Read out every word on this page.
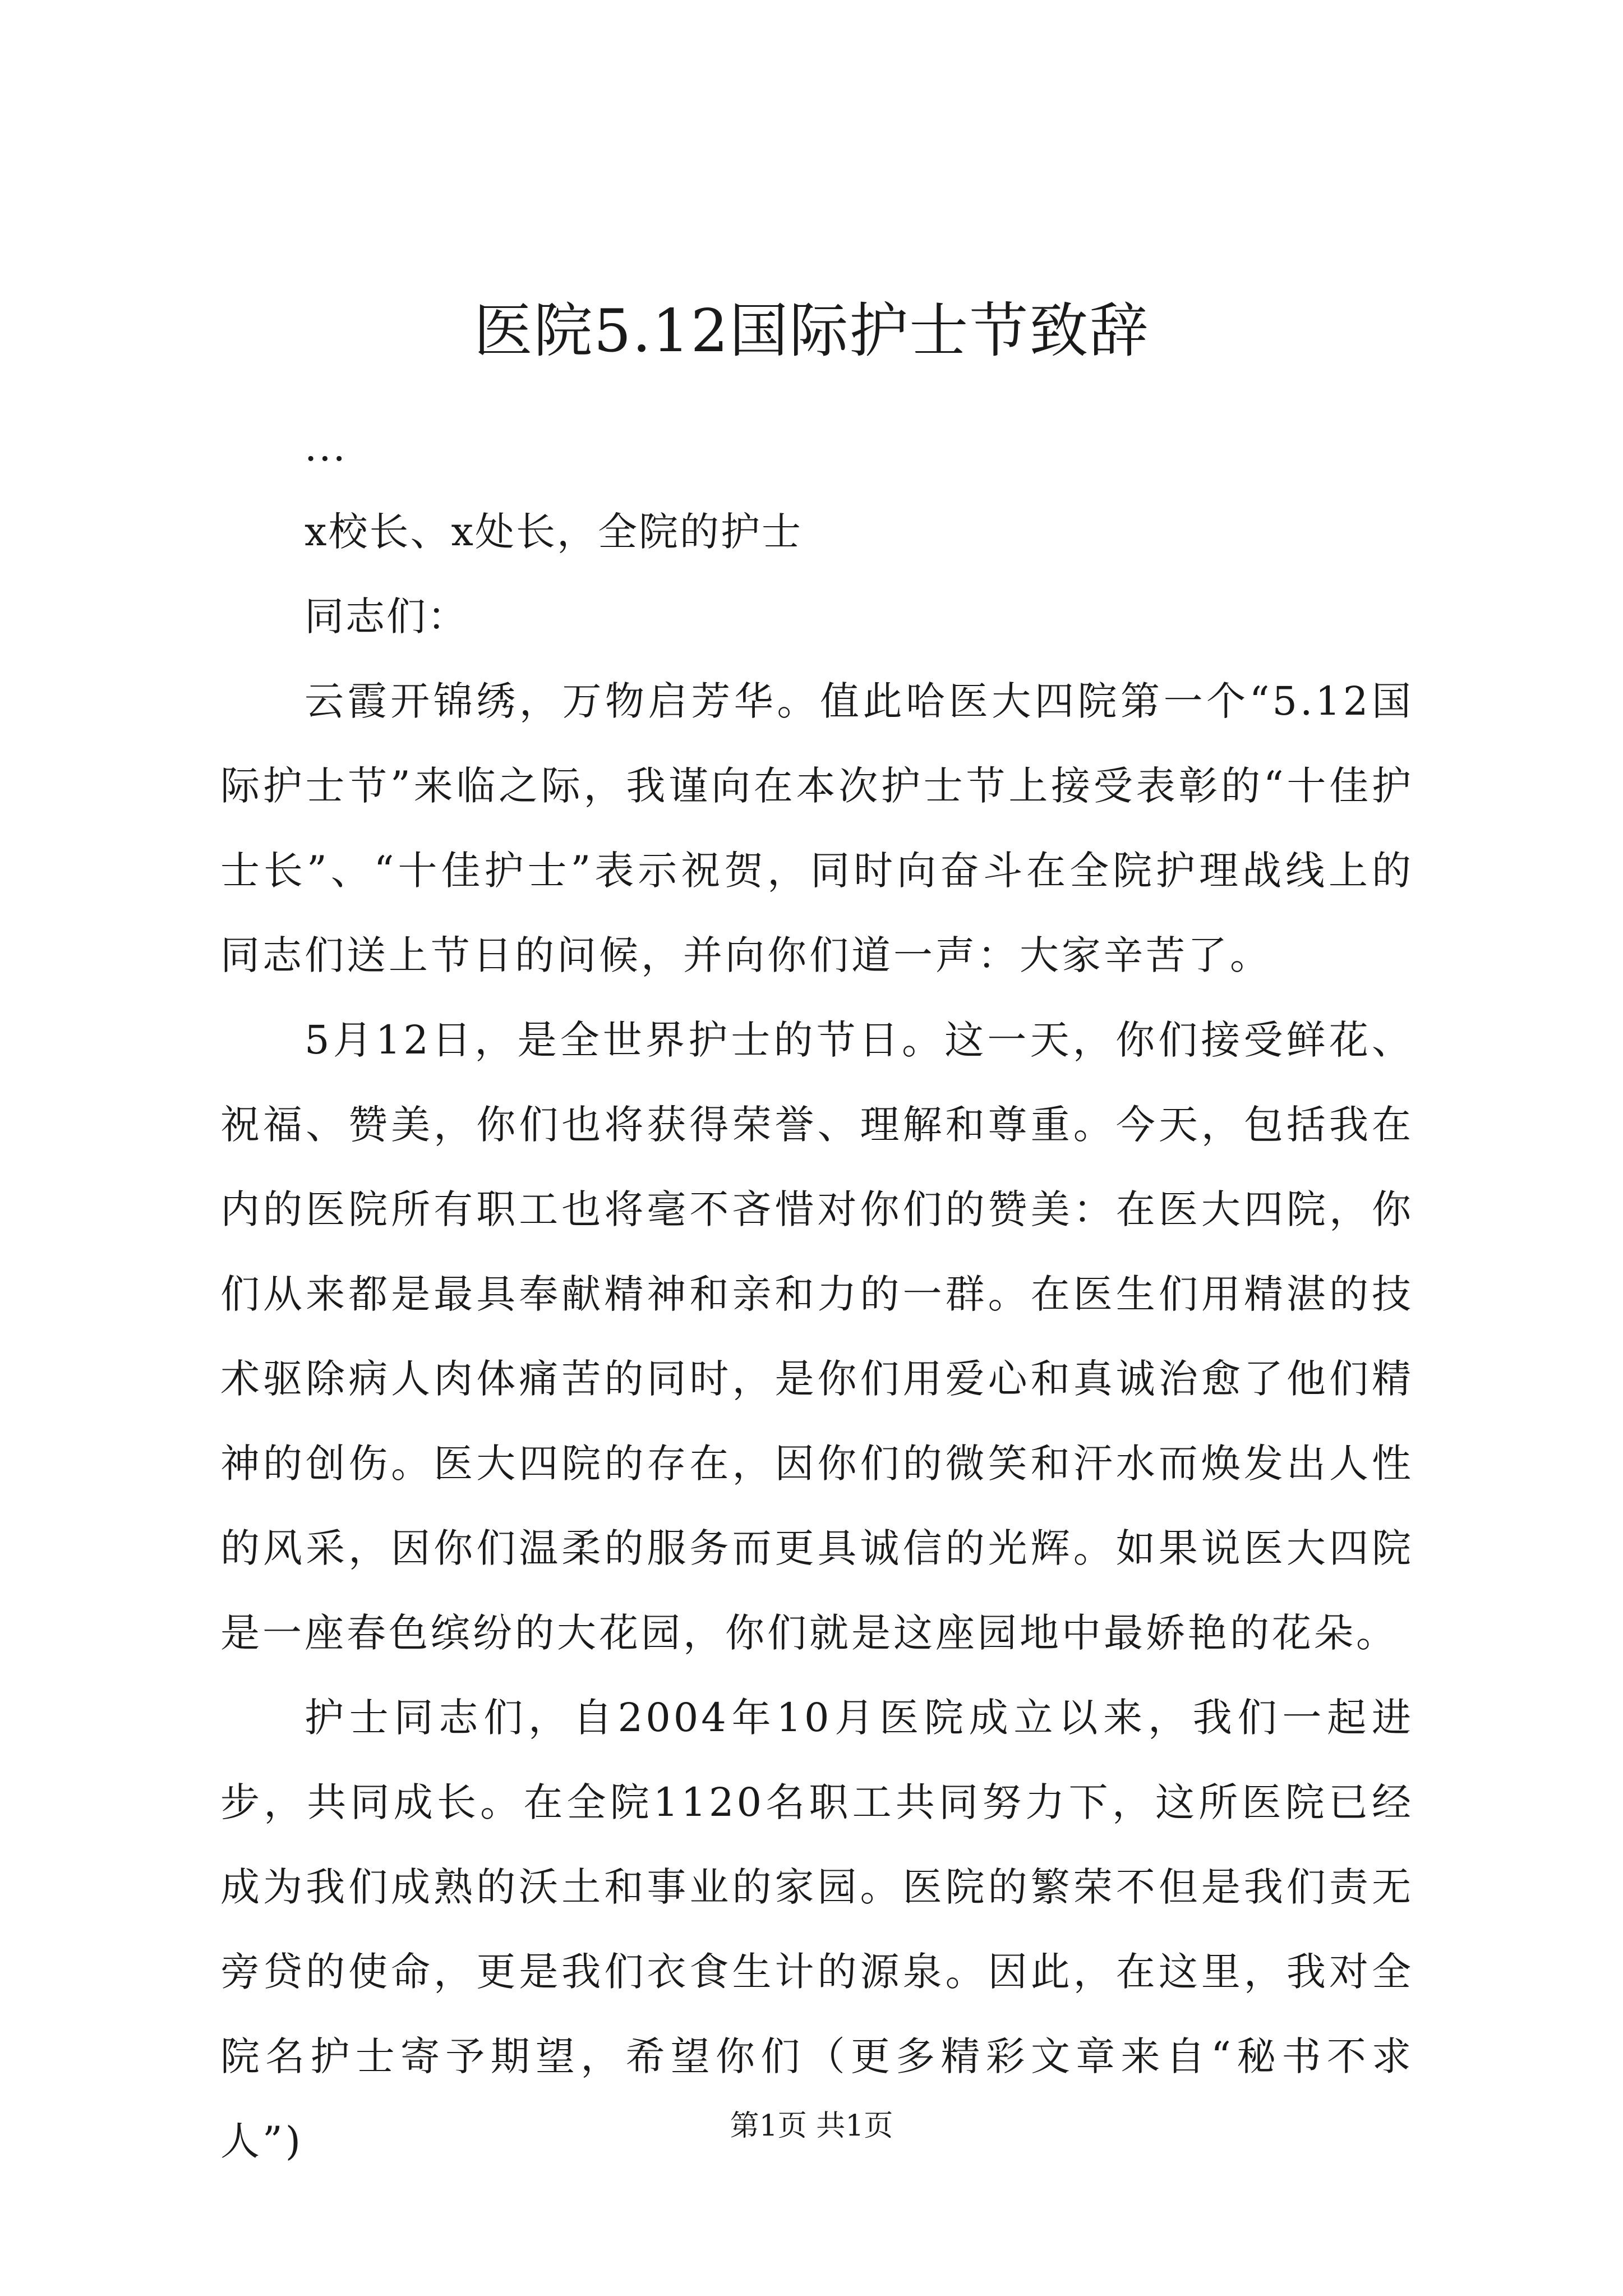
医院5.12国际护士节致辞

...

x校长、x处长，全院的护士

同志们：

云霞开锦绣，万物启芳华。值此哈医大四院第一个“5.12国际护士节”来临之际，我谨向在本次护士节上接受表彰的“十佳护士长”、“十佳护士”表示祝贺，同时向奋斗在全院护理战线上的同志们送上节日的问候，并向你们道一声：大家辛苦了。

5月12日，是全世界护士的节日。这一天，你们接受鲜花、祝福、赞美，你们也将获得荣誉、理解和尊重。今天，包括我在内的医院所有职工也将毫不吝惜对你们的赞美：在医大四院，你们从来都是最具奉献精神和亲和力的一群。在医生们用精湛的技术驱除病人肉体痛苦的同时，是你们用爱心和真诚治愈了他们精神的创伤。医大四院的存在，因你们的微笑和汗水而焕发出人性的风采，因你们温柔的服务而更具诚信的光辉。如果说医大四院是一座春色缤纷的大花园，你们就是这座园地中最娇艳的花朵。

护士同志们，自2004年10月医院成立以来，我们一起进步，共同成长。在全院1120名职工共同努力下，这所医院已经成为我们成熟的沃土和事业的家园。医院的繁荣不但是我们责无旁贷的使命，更是我们衣食生计的源泉。因此，在这里，我对全院名护士寄予期望，希望你们（更多精彩文章来自“秘书不求人”)	第1页 共1页
